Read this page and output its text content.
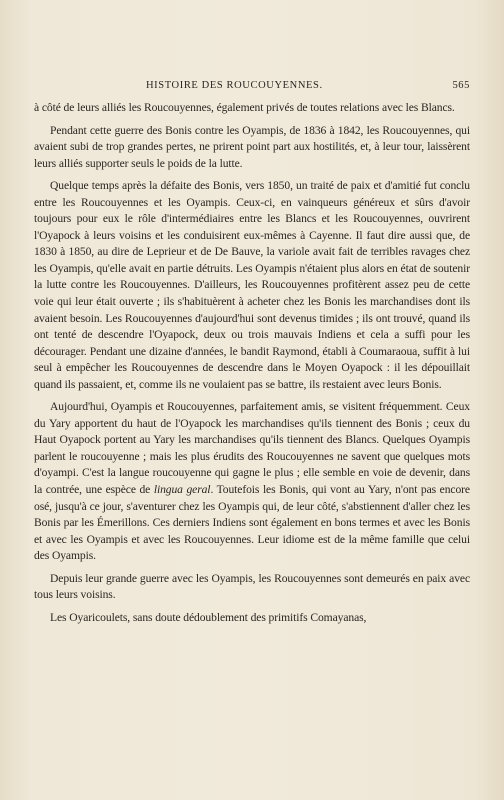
HISTOIRE DES ROUCOUYENNES.	565

à côté de leurs alliés les Roucouyennes, également privés de toutes relations avec les Blancs.

Pendant cette guerre des Bonis contre les Oyampis, de 1836 à 1842, les Roucouyennes, qui avaient subi de trop grandes pertes, ne prirent point part aux hostilités, et, à leur tour, laissèrent leurs alliés supporter seuls le poids de la lutte.

Quelque temps après la défaite des Bonis, vers 1850, un traité de paix et d'amitié fut conclu entre les Roucouyennes et les Oyampis. Ceux-ci, en vainqueurs généreux et sûrs d'avoir toujours pour eux le rôle d'intermédiaires entre les Blancs et les Roucouyennes, ouvrirent l'Oyapock à leurs voisins et les conduisirent eux-mêmes à Cayenne. Il faut dire aussi que, de 1830 à 1850, au dire de Leprieur et de De Bauve, la variole avait fait de terribles ravages chez les Oyampis, qu'elle avait en partie détruits. Les Oyampis n'étaient plus alors en état de soutenir la lutte contre les Roucouyennes. D'ailleurs, les Roucouyennes profitèrent assez peu de cette voie qui leur était ouverte ; ils s'habituèrent à acheter chez les Bonis les marchandises dont ils avaient besoin. Les Roucouyennes d'aujourd'hui sont devenus timides ; ils ont trouvé, quand ils ont tenté de descendre l'Oyapock, deux ou trois mauvais Indiens et cela a suffi pour les décourager. Pendant une dizaine d'années, le bandit Raymond, établi à Coumaraoua, suffit à lui seul à empêcher les Roucouyennes de descendre dans le Moyen Oyapock : il les dépouillait quand ils passaient, et, comme ils ne voulaient pas se battre, ils restaient avec leurs Bonis.

Aujourd'hui, Oyampis et Roucouyennes, parfaitement amis, se visitent fréquemment. Ceux du Yary apportent du haut de l'Oyapock les marchandises qu'ils tiennent des Bonis ; ceux du Haut Oyapock portent au Yary les marchandises qu'ils tiennent des Blancs. Quelques Oyampis parlent le roucouyenne ; mais les plus érudits des Roucouyennes ne savent que quelques mots d'oyampi. C'est la langue roucouyenne qui gagne le plus ; elle semble en voie de devenir, dans la contrée, une espèce de lingua geral. Toutefois les Bonis, qui vont au Yary, n'ont pas encore osé, jusqu'à ce jour, s'aventurer chez les Oyampis qui, de leur côté, s'abstiennent d'aller chez les Bonis par les Émerillons. Ces derniers Indiens sont également en bons termes et avec les Bonis et avec les Oyampis et avec les Roucouyennes. Leur idiome est de la même famille que celui des Oyampis.

Depuis leur grande guerre avec les Oyampis, les Roucouyennes sont demeurés en paix avec tous leurs voisins.

Les Oyaricoulets, sans doute dédoublement des primitifs Comayanas,
